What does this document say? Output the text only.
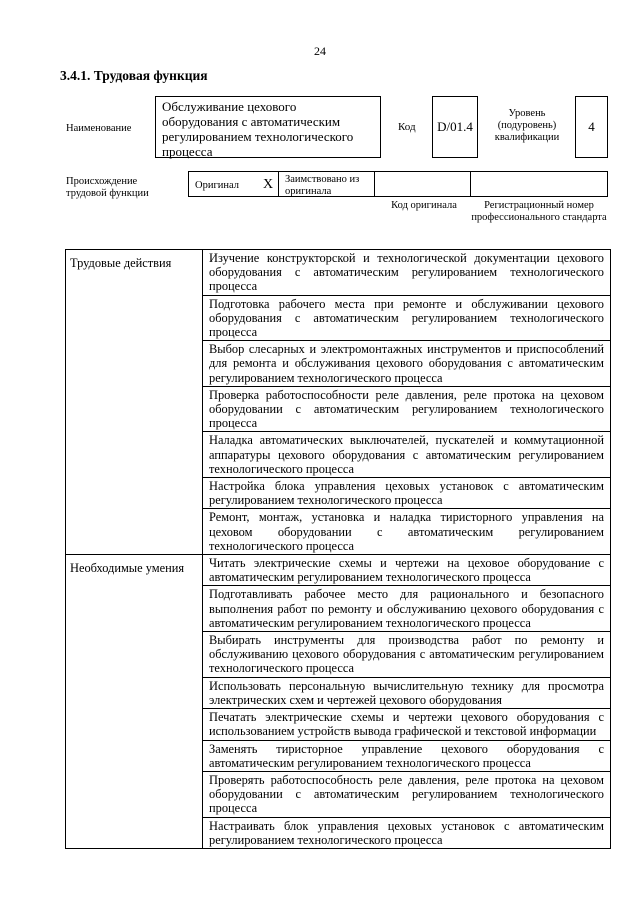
24
3.4.1. Трудовая функция
Наименование
Обслуживание цехового оборудования с автоматическим регулированием технологического процесса
Код	D/01.4
Уровень (подуровень) квалификации
4
Происхождение трудовой функции
Оригинал X Заимствовано из оригинала
Код оригинала	Регистрационный номер профессионального стандарта
Трудовые действия	Изучение конструкторской и технологической документации цехового оборудования с автоматическим регулированием технологического процесса
	Подготовка рабочего места при ремонте и обслуживании цехового оборудования с автоматическим регулированием технологического процесса
	Выбор слесарных и электромонтажных инструментов и приспособлений для ремонта и обслуживания цехового оборудования с автоматическим регулированием технологического процесса
	Проверка работоспособности реле давления, реле протока на цеховом оборудовании с автоматическим регулированием технологического процесса
	Наладка автоматических выключателей, пускателей и коммутационной аппаратуры цехового оборудования с автоматическим регулированием технологического процесса
	Настройка блока управления цеховых установок с автоматическим регулированием технологического процесса
	Ремонт, монтаж, установка и наладка тиристорного управления на цеховом оборудовании с автоматическим регулированием технологического процесса
Необходимые умения	Читать электрические схемы и чертежи на цеховое оборудование с автоматическим регулированием технологического процесса
	Подготавливать рабочее место для рационального и безопасного выполнения работ по ремонту и обслуживанию цехового оборудования с автоматическим регулированием технологического процесса
	Выбирать инструменты для производства работ по ремонту и обслуживанию цехового оборудования с автоматическим регулированием технологического процесса
	Использовать персональную вычислительную технику для просмотра электрических схем и чертежей цехового оборудования
	Печатать электрические схемы и чертежи цехового оборудования с использованием устройств вывода графической и текстовой информации
	Заменять тиристорное управление цехового оборудования с автоматическим регулированием технологического процесса
	Проверять работоспособность реле давления, реле протока на цеховом оборудовании с автоматическим регулированием технологического процесса
	Настраивать блок управления цеховых установок с автоматическим регулированием технологического процесса
